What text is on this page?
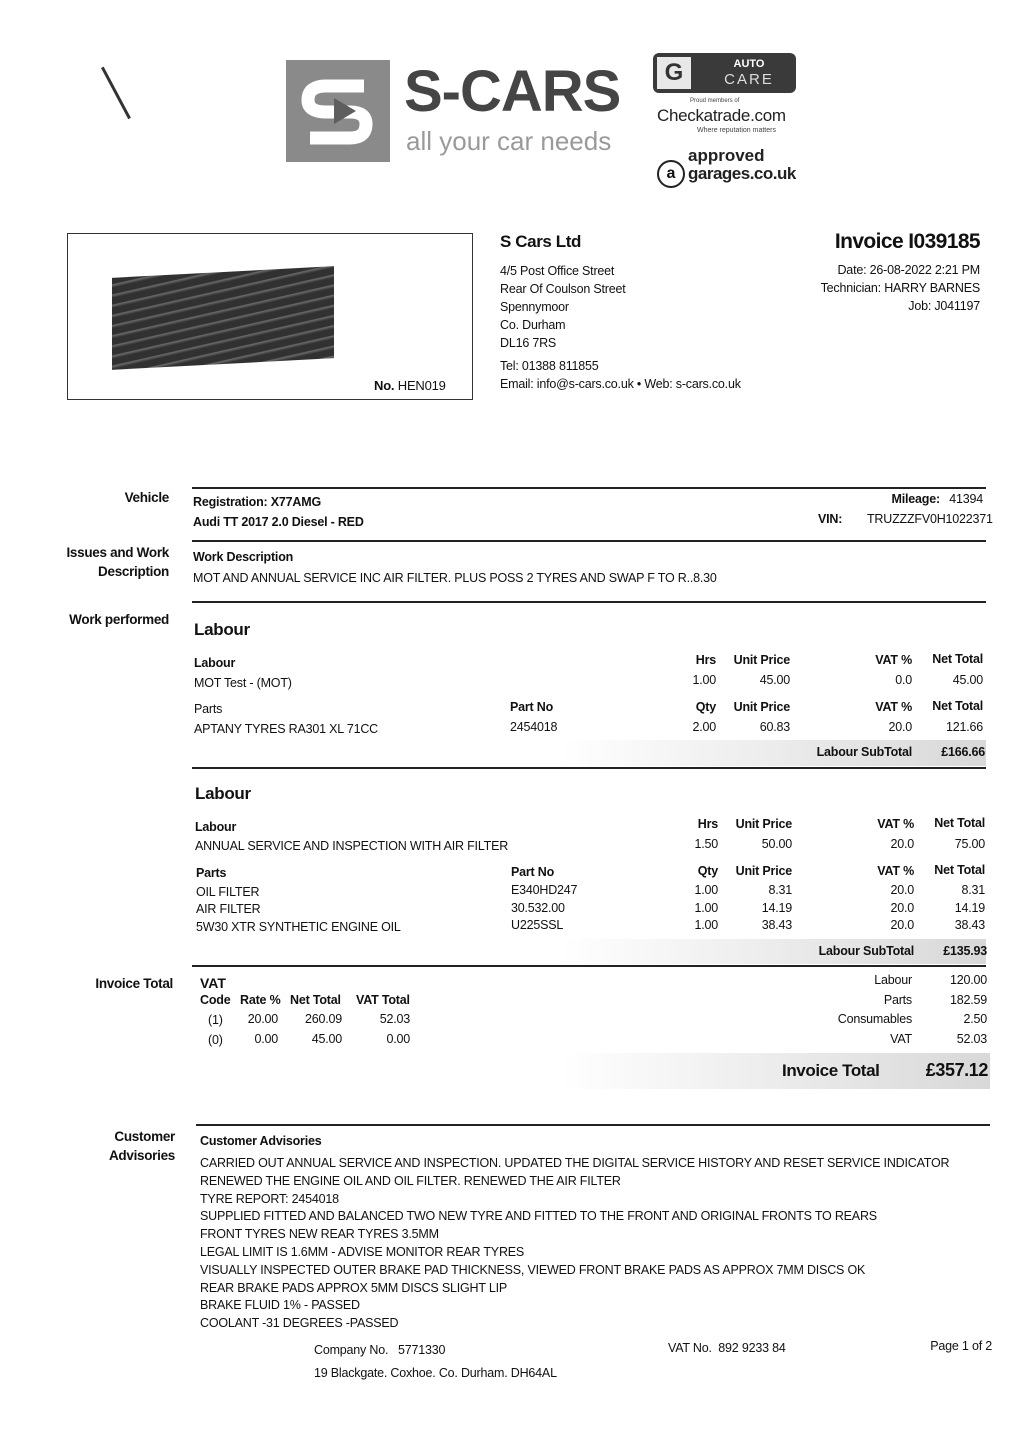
S-CARS
all your car needs
G	AUTO
CARE
Proud members of
Checkatrade.com
Where reputation matters
a
approved
garages.co.uk
No. HEN019
S Cars Ltd
4/5 Post Office Street
Rear Of Coulson Street
Spennymoor
Co. Durham
DL16 7RS
Tel: 01388 811855
Email: info@s-cars.co.uk • Web: s-cars.co.uk
Invoice I039185
Date: 26-08-2022 2:21 PM
Technician: HARRY BARNES
Job: J041197
Vehicle
Issues and Work Description
Work performed
Invoice Total
Customer Advisories
Registration: X77AMG
Audi TT 2017 2.0 Diesel - RED
Mileage: 41394
VIN: TRUZZZFV0H1022371
Work Description
MOT AND ANNUAL SERVICE INC AIR FILTER. PLUS POSS 2 TYRES AND SWAP F TO R..8.30
Labour
Labour	Hrs	Unit Price	VAT %	Net Total
MOT Test - (MOT)	1.00	45.00	0.0	45.00
Parts	Part No	Qty	Unit Price	VAT %	Net Total
APTANY TYRES RA301 XL 71CC	2454018	2.00	60.83	20.0	121.66
Labour SubTotal	£166.66
Labour
Labour	Hrs	Unit Price	VAT %	Net Total
ANNUAL SERVICE AND INSPECTION WITH AIR FILTER	1.50	50.00	20.0	75.00
Parts	Part No	Qty	Unit Price	VAT %	Net Total
OIL FILTER	E340HD247	1.00	8.31	20.0	8.31
AIR FILTER	30.532.00	1.00	14.19	20.0	14.19
5W30 XTR SYNTHETIC ENGINE OIL	U225SSL	1.00	38.43	20.0	38.43
Labour SubTotal	£135.93
VAT
Code Rate % Net Total VAT Total
(1)	20.00	260.09	52.03
(0)	0.00	45.00	0.00
Labour	120.00
Parts	182.59
Consumables	2.50
VAT	52.03
Invoice Total	£357.12
Customer Advisories
CARRIED OUT ANNUAL SERVICE AND INSPECTION. UPDATED THE DIGITAL SERVICE HISTORY AND RESET SERVICE INDICATOR
RENEWED THE ENGINE OIL AND OIL FILTER. RENEWED THE AIR FILTER
TYRE REPORT: 2454018
SUPPLIED FITTED AND BALANCED TWO NEW TYRE AND FITTED TO THE FRONT AND ORIGINAL FRONTS TO REARS
FRONT TYRES NEW REAR TYRES 3.5MM
LEGAL LIMIT IS 1.6MM - ADVISE MONITOR REAR TYRES
VISUALLY INSPECTED OUTER BRAKE PAD THICKNESS, VIEWED FRONT BRAKE PADS AS APPROX 7MM DISCS OK
REAR BRAKE PADS APPROX 5MM DISCS SLIGHT LIP
BRAKE FLUID 1% - PASSED
COOLANT -31 DEGREES -PASSED
Company No.   5771330
19 Blackgate. Coxhoe. Co. Durham. DH64AL
VAT No.  892 9233 84	Page 1 of 2
